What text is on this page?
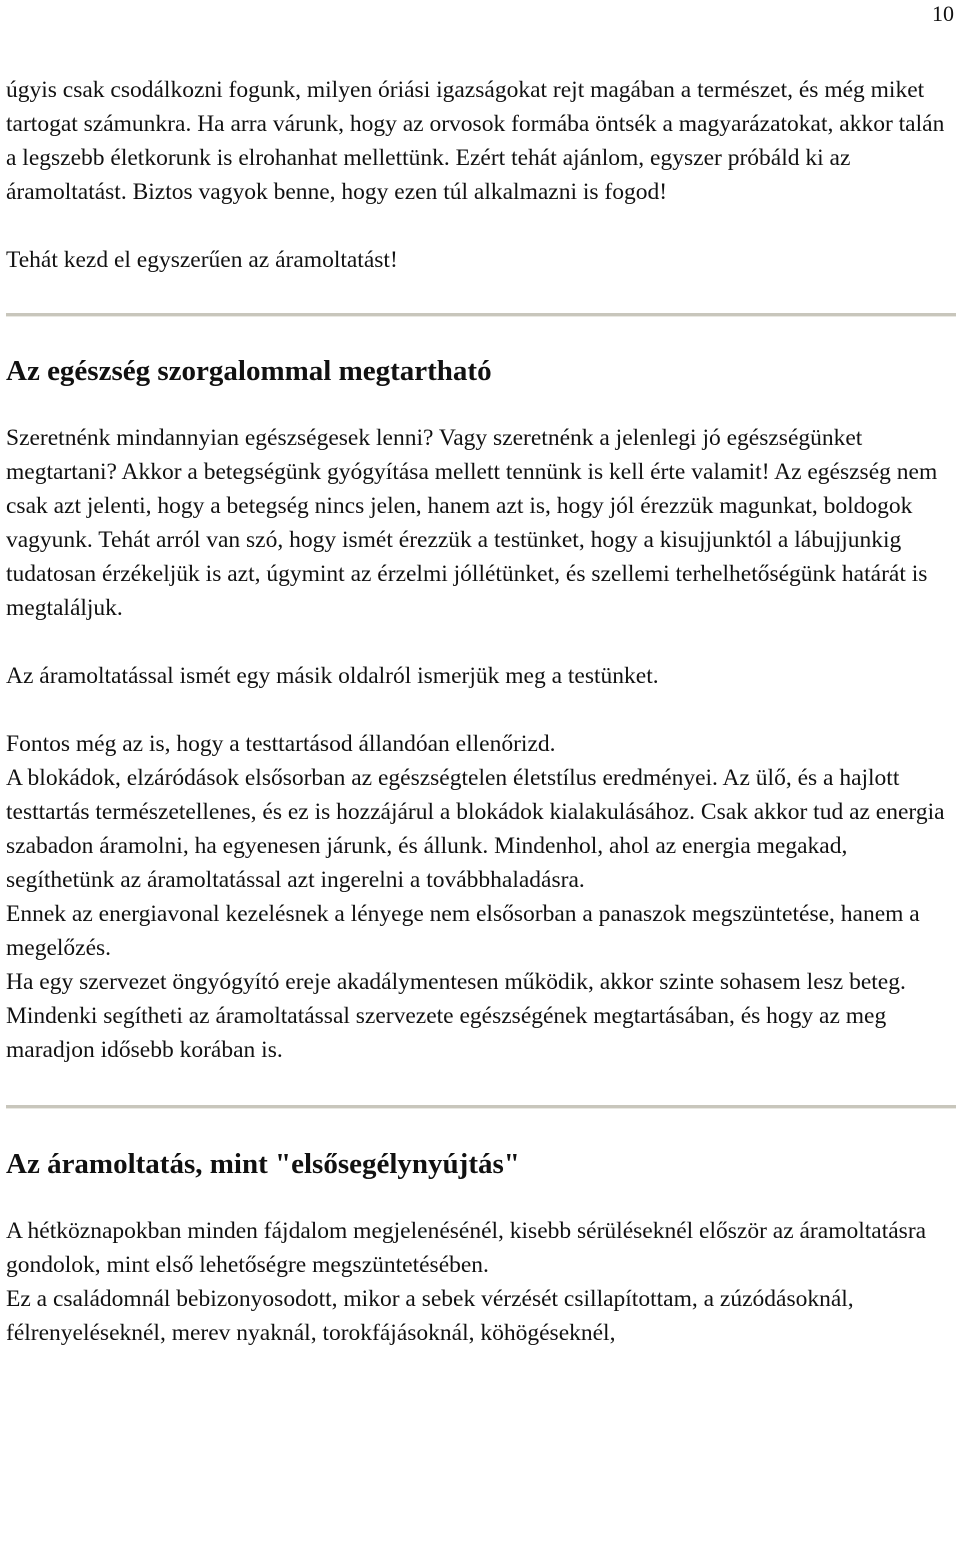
10

úgyis csak csodálkozni fogunk, milyen óriási igazságokat rejt magában a természet, és még miket tartogat számunkra. Ha arra várunk, hogy az orvosok formába öntsék a magyarázatokat, akkor talán a legszebb életkorunk is elrohanhat mellettünk. Ezért tehát ajánlom, egyszer próbáld ki az áramoltatást. Biztos vagyok benne, hogy ezen túl alkalmazni is fogod!

Tehát kezd el egyszerűen az áramoltatást!

Az egészség szorgalommal megtartható

Szeretnénk mindannyian egészségesek lenni? Vagy szeretnénk a jelenlegi jó egészségünket megtartani? Akkor a betegségünk gyógyítása mellett tennünk is kell érte valamit! Az egészség nem csak azt jelenti, hogy a betegség nincs jelen, hanem azt is, hogy jól érezzük magunkat, boldogok vagyunk. Tehát arról van szó, hogy ismét érezzük a testünket, hogy a kisujjunktól a lábujjunkig tudatosan érzékeljük is azt, úgymint az érzelmi jóllétünket, és szellemi terhelhetőségünk határát is megtaláljuk.

Az áramoltatással ismét egy másik oldalról ismerjük meg a testünket.

Fontos még az is, hogy a testtartásod állandóan ellenőrizd.

A blokádok, elzáródások elsősorban az egészségtelen életstílus eredményei. Az ülő, és a hajlott testtartás természetellenes, és ez is hozzájárul a blokádok kialakulásához. Csak akkor tud az energia szabadon áramolni, ha egyenesen járunk, és állunk. Mindenhol, ahol az energia megakad, segíthetünk az áramoltatással azt ingerelni a továbbhaladásra.

Ennek az energiavonal kezelésnek a lényege nem elsősorban a panaszok megszüntetése, hanem a megelőzés.

Ha egy szervezet öngyógyító ereje akadálymentesen működik, akkor szinte sohasem lesz beteg.

Mindenki segítheti az áramoltatással szervezete egészségének megtartásában, és hogy az meg maradjon idősebb korában is.

Az áramoltatás, mint "elsősegélynyújtás"

A hétköznapokban minden fájdalom megjelenésénél, kisebb sérüléseknél először az áramoltatásra gondolok, mint első lehetőségre megszüntetésében.

Ez a családomnál bebizonyosodott, mikor a sebek vérzését csillapítottam, a zúzódásoknál, félrenyeléseknél, merev nyaknál, torokfájásoknál, köhögéseknél,
